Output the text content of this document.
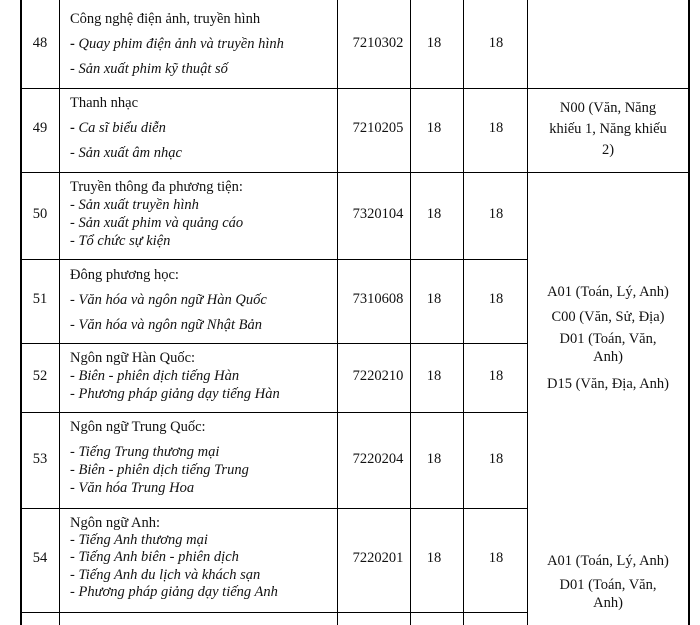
48
Công nghệ điện ảnh, truyền hình
- Quay phim điện ảnh và truyền hình
- Sản xuất phim kỹ thuật số
7210302	18	18
49
Thanh nhạc
- Ca sĩ biểu diễn
- Sản xuất âm nhạc
7210205	18	18
N00 (Văn, Năng khiếu 1, Năng khiếu 2)
50
Truyền thông đa phương tiện:
- Sản xuất truyền hình
- Sản xuất phim và quảng cáo
- Tổ chức sự kiện
7320104	18	18
51
Đông phương học:
- Văn hóa và ngôn ngữ Hàn Quốc
- Văn hóa và ngôn ngữ Nhật Bản
7310608	18	18	A01 (Toán, Lý, Anh)
C00 (Văn, Sử, Địa)
D01 (Toán, Văn, Anh)
D15 (Văn, Địa, Anh)
52
Ngôn ngữ Hàn Quốc:
- Biên - phiên dịch tiếng Hàn
- Phương pháp giảng dạy tiếng Hàn
7220210	18	18
53
Ngôn ngữ Trung Quốc:
- Tiếng Trung thương mại
- Biên - phiên dịch tiếng Trung
- Văn hóa Trung Hoa
7220204	18	18
54
Ngôn ngữ Anh:
- Tiếng Anh thương mại
- Tiếng Anh biên - phiên dịch
- Tiếng Anh du lịch và khách sạn
- Phương pháp giảng dạy tiếng Anh
7220201	18	18	A01 (Toán, Lý, Anh)
D01 (Toán, Văn, Anh)
